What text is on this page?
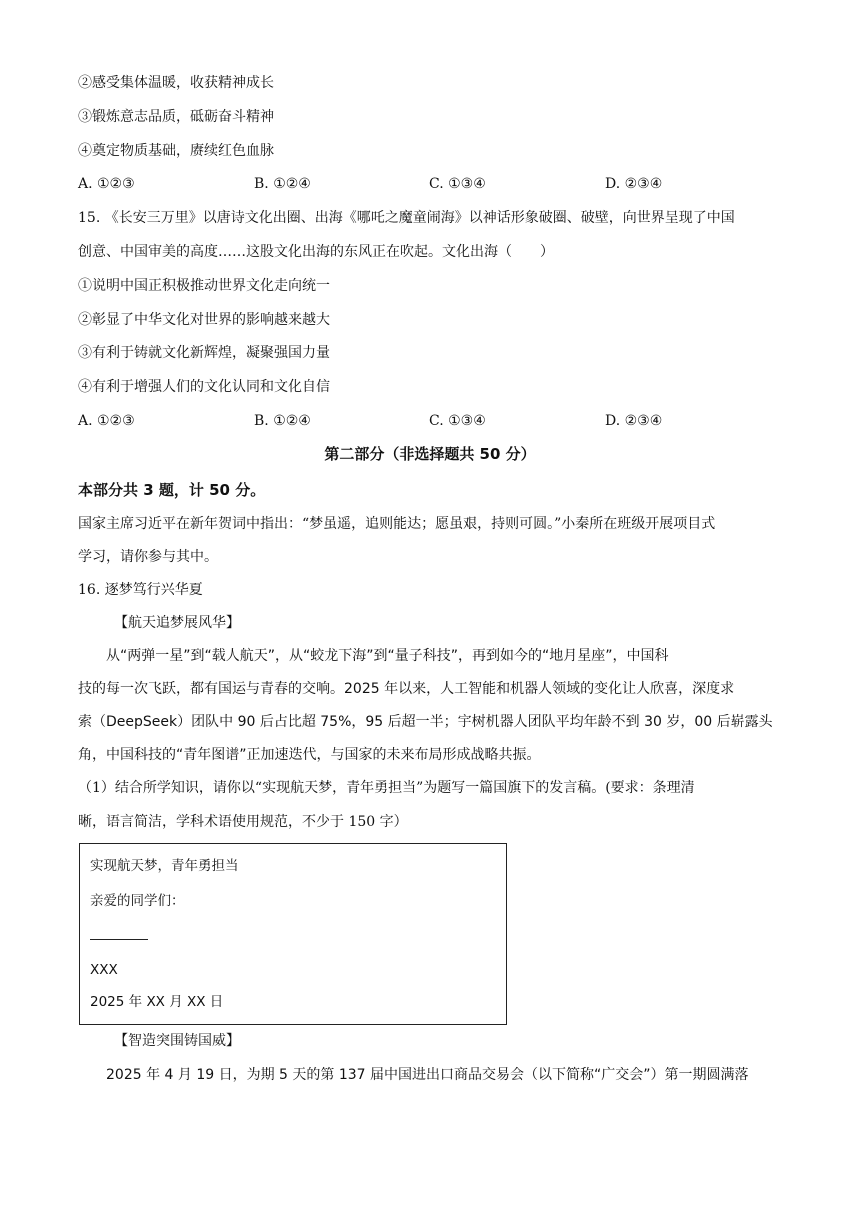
②感受集体温暖，收获精神成长
③锻炼意志品质，砥砺奋斗精神
④奠定物质基础，赓续红色血脉
A. ①②③	B. ①②④	C. ①③④	D. ②③④
15. 《长安三万里》以唐诗文化出圈、出海《哪吒之魔童闹海》以神话形象破圈、破壁，向世界呈现了中国
创意、中国审美的高度……这股文化出海的东风正在吹起。文化出海（　　）
①说明中国正积极推动世界文化走向统一
②彰显了中华文化对世界的影响越来越大
③有利于铸就文化新辉煌，凝聚强国力量
④有利于增强人们的文化认同和文化自信
A. ①②③	B. ①②④	C. ①③④	D. ②③④
第二部分（非选择题共 50 分）
本部分共 3 题，计 50 分。
国家主席习近平在新年贺词中指出：“梦虽遥，追则能达；愿虽艰，持则可圆。”小秦所在班级开展项目式
学习，请你参与其中。
16. 逐梦笃行兴华夏
【航天追梦展风华】
从“两弹一星”到“载人航天”，从“蛟龙下海”到“量子科技”，再到如今的“地月星座”，中国科
技的每一次飞跃，都有国运与青春的交响。2025 年以来，人工智能和机器人领域的变化让人欣喜，深度求
索（DeepSeek）团队中 90 后占比超 75%，95 后超一半；宇树机器人团队平均年龄不到 30 岁，00 后崭露头
角，中国科技的“青年图谱”正加速迭代，与国家的未来布局形成战略共振。
（1）结合所学知识，请你以“实现航天梦，青年勇担当”为题写一篇国旗下的发言稿。(要求：条理清
晰，语言简洁，学科术语使用规范，不少于 150 字）
实现航天梦，青年勇担当
亲爱的同学们：
XXX
2025 年 XX 月 XX 日
【智造突围铸国威】
2025 年 4 月 19 日，为期 5 天的第 137 届中国进出口商品交易会（以下简称“广交会”）第一期圆满落
